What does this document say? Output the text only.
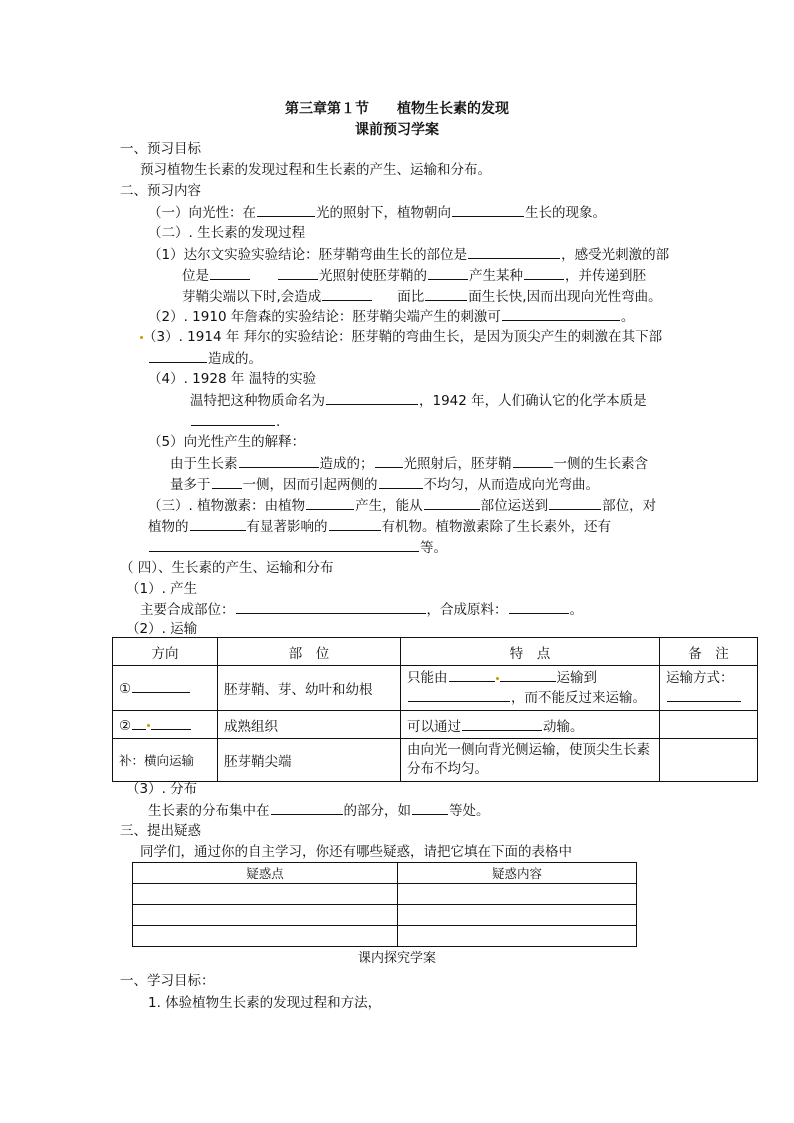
第三章第１节　　植物生长素的发现
课前预习学案
一、预习目标
预习植物生长素的发现过程和生长素的产生、运输和分布。
二、预习内容
（一）向光性：在	光的照射下，植物朝向	生长的现象。
（二）. 生长素的发现过程
（1）达尔文实验实验结论：胚芽鞘弯曲生长的部位是	，感受光刺激的部
位是	光照射使胚芽鞘的	产生某种	，并传递到胚
芽鞘尖端以下时,会造成	面比	面生长快,因而出现向光性弯曲。
（2）. 1910 年詹森的实验结论：胚芽鞘尖端产生的刺激可	。
（3）. 1914 年 拜尔的实验结论：胚芽鞘的弯曲生长，是因为顶尖产生的刺激在其下部
造成的。
（4）. 1928 年 温特的实验
温特把这种物质命名为	，1942 年，人们确认它的化学本质是
.
（5）向光性产生的解释：
由于生长素	造成的； 光照射后，胚芽鞘	一侧的生长素含
量多于 一侧，因而引起两侧的	不均匀，从而造成向光弯曲。
（三）. 植物激素：由植物	产生，能从	部位运送到	部位，对
植物的	有显著影响的	有机物。植物激素除了生长素外，还有
等。
（ 四）、生长素的产生、运输和分布
（1）. 产生
主要合成部位：	，合成原料：	。
（2）. 运输
方向	部　位	特　点	备　注
①	胚芽鞘、芽、幼叶和幼根	只能由 运输到
，而不能反过来运输。	运输方式：

②	成熟组织	可以通过 动输。	
补：横向运输	胚芽鞘尖端	由向光一侧向背光侧运输，使顶尖生长素分布不均匀。	
（3）. 分布
生长素的分布集中在	的部分，如	等处。
三、提出疑惑
同学们，通过你的自主学习，你还有哪些疑惑，请把它填在下面的表格中
疑惑点	疑惑内容

课内探究学案
一、学习目标：
1. 体验植物生长素的发现过程和方法，
